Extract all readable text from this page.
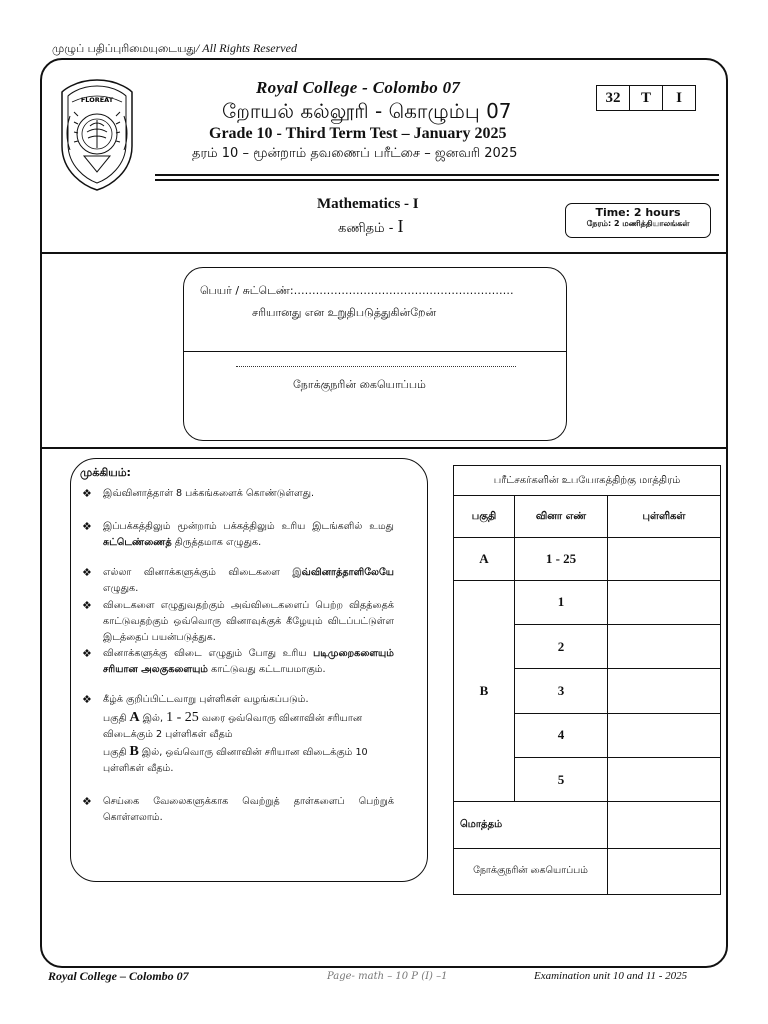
முழுப் பதிப்புரிமையுடையது/ All Rights Reserved
FLOREAT
Royal College - Colombo 07
றோயல் கல்லூரி - கொழும்பு 07
Grade 10 - Third Term Test – January 2025
தரம் 10 – மூன்றாம் தவணைப் பரீட்சை – ஜனவரி 2025
32	T	I
Mathematics - I
கணிதம் - I
Time: 2 hours
நேரம்: 2 மணித்தியாலங்கள்
பெயர் / சுட்டெண்:……………………………………………………
சரியானது என உறுதிபடுத்துகின்றேன்
நோக்குநரின் கையொப்பம்
முக்கியம்:
❖ இவ்வினாத்தாள் 8 பக்கங்களைக் கொண்டுள்ளது.
❖ இப்பக்கத்திலும் மூன்றாம் பக்கத்திலும் உரிய இடங்களில் உமது சுட்டெண்ணைத் திருத்தமாக எழுதுக.
❖ எல்லா வினாக்களுக்கும் விடைகளை இவ்வினாத்தாளிலேயே எழுதுக.
❖ விடைகளை எழுதுவதற்கும் அவ்விடைகளைப் பெற்ற விதத்தைக் காட்டுவதற்கும் ஒவ்வொரு வினாவுக்குக் கீழேயும் விடப்பட்டுள்ள இடத்தைப் பயன்படுத்துக.
❖ வினாக்களுக்கு விடை எழுதும் போது உரிய படிமுறைகளையும் சரியான அலகுகளையும் காட்டுவது கட்டாயமாகும்.
❖ கீழ்க் குறிப்பிட்டவாறு புள்ளிகள் வழங்கப்படும்.
பகுதி A இல், 1 - 25 வரை ஒவ்வொரு வினாவின் சரியான விடைக்கும் 2 புள்ளிகள் வீதம்
பகுதி B இல், ஒவ்வொரு வினாவின் சரியான விடைக்கும் 10 புள்ளிகள் வீதம்.
❖ செய்கை வேலைகளுக்காக வெற்றுத் தாள்களைப் பெற்றுக் கொள்ளலாம்.
பரீட்சகர்களின் உபயோகத்திற்கு மாத்திரம்		
பகுதி	வினா எண்	புள்ளிகள்
A	1 - 25	
B	1	
	2	
	3	
	4	
	5	
மொத்தம்		
நோக்குநரின் கையொப்பம்		
Royal College – Colombo 07	Page- math – 10 P (I) –1	Examination unit 10 and 11 - 2025
